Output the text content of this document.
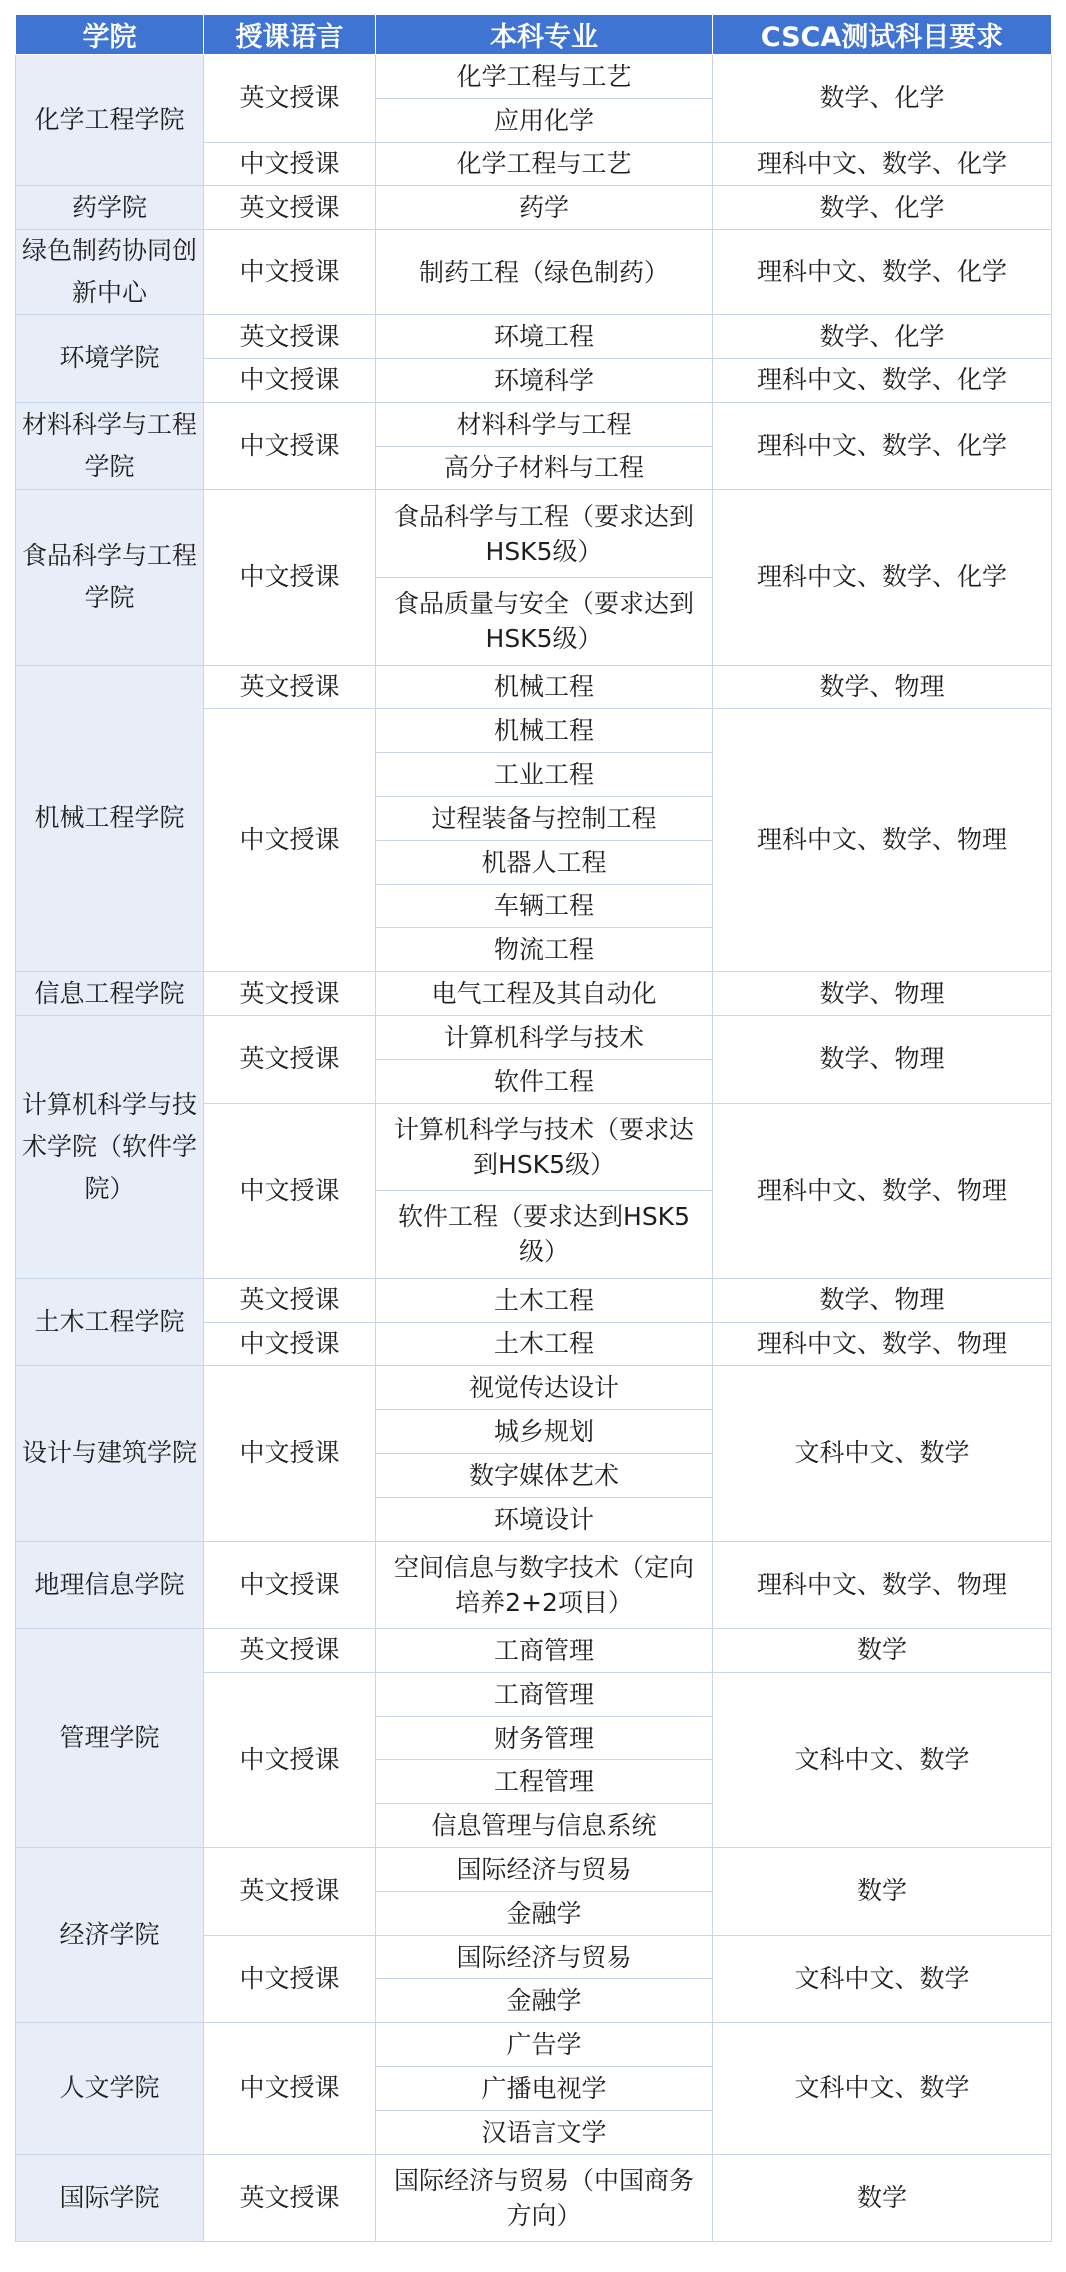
学院	授课语言	本科专业	CSCA测试科目要求
化学工程学院	英文授课	化学工程与工艺	数学、化学
		应用化学	
	中文授课	化学工程与工艺	理科中文、数学、化学
药学院	英文授课	药学	数学、化学
绿色制药协同创新中心	中文授课	制药工程（绿色制药）	理科中文、数学、化学
环境学院	英文授课	环境工程	数学、化学
	中文授课	环境科学	理科中文、数学、化学
材料科学与工程学院	中文授课	材料科学与工程	理科中文、数学、化学
		高分子材料与工程	
食品科学与工程学院	中文授课	食品科学与工程（要求达到HSK5级）	理科中文、数学、化学

		食品质量与安全（要求达到HSK5级）	

机械工程学院	英文授课	机械工程	数学、物理
	中文授课	机械工程	理科中文、数学、物理
		工业工程	
		过程装备与控制工程	
		机器人工程	
		车辆工程	
		物流工程	
信息工程学院	英文授课	电气工程及其自动化	数学、物理
计算机科学与技术学院（软件学院）	英文授课	计算机科学与技术	数学、物理
		软件工程	
	中文授课	计算机科学与技术（要求达到HSK5级）	理科中文、数学、物理

		软件工程（要求达到HSK5级）	

土木工程学院	英文授课	土木工程	数学、物理
	中文授课	土木工程	理科中文、数学、物理
设计与建筑学院	中文授课	视觉传达设计	文科中文、数学
		城乡规划	
		数字媒体艺术	
		环境设计	
地理信息学院	中文授课	空间信息与数字技术（定向培养2+2项目）	理科中文、数学、物理

管理学院	英文授课	工商管理	数学
	中文授课	工商管理	文科中文、数学
		财务管理	
		工程管理	
		信息管理与信息系统	
经济学院	英文授课	国际经济与贸易	数学
		金融学	
	中文授课	国际经济与贸易	文科中文、数学
		金融学	
人文学院	中文授课	广告学	文科中文、数学
		广播电视学	
		汉语言文学	
国际学院	英文授课	国际经济与贸易（中国商务方向）	数学
